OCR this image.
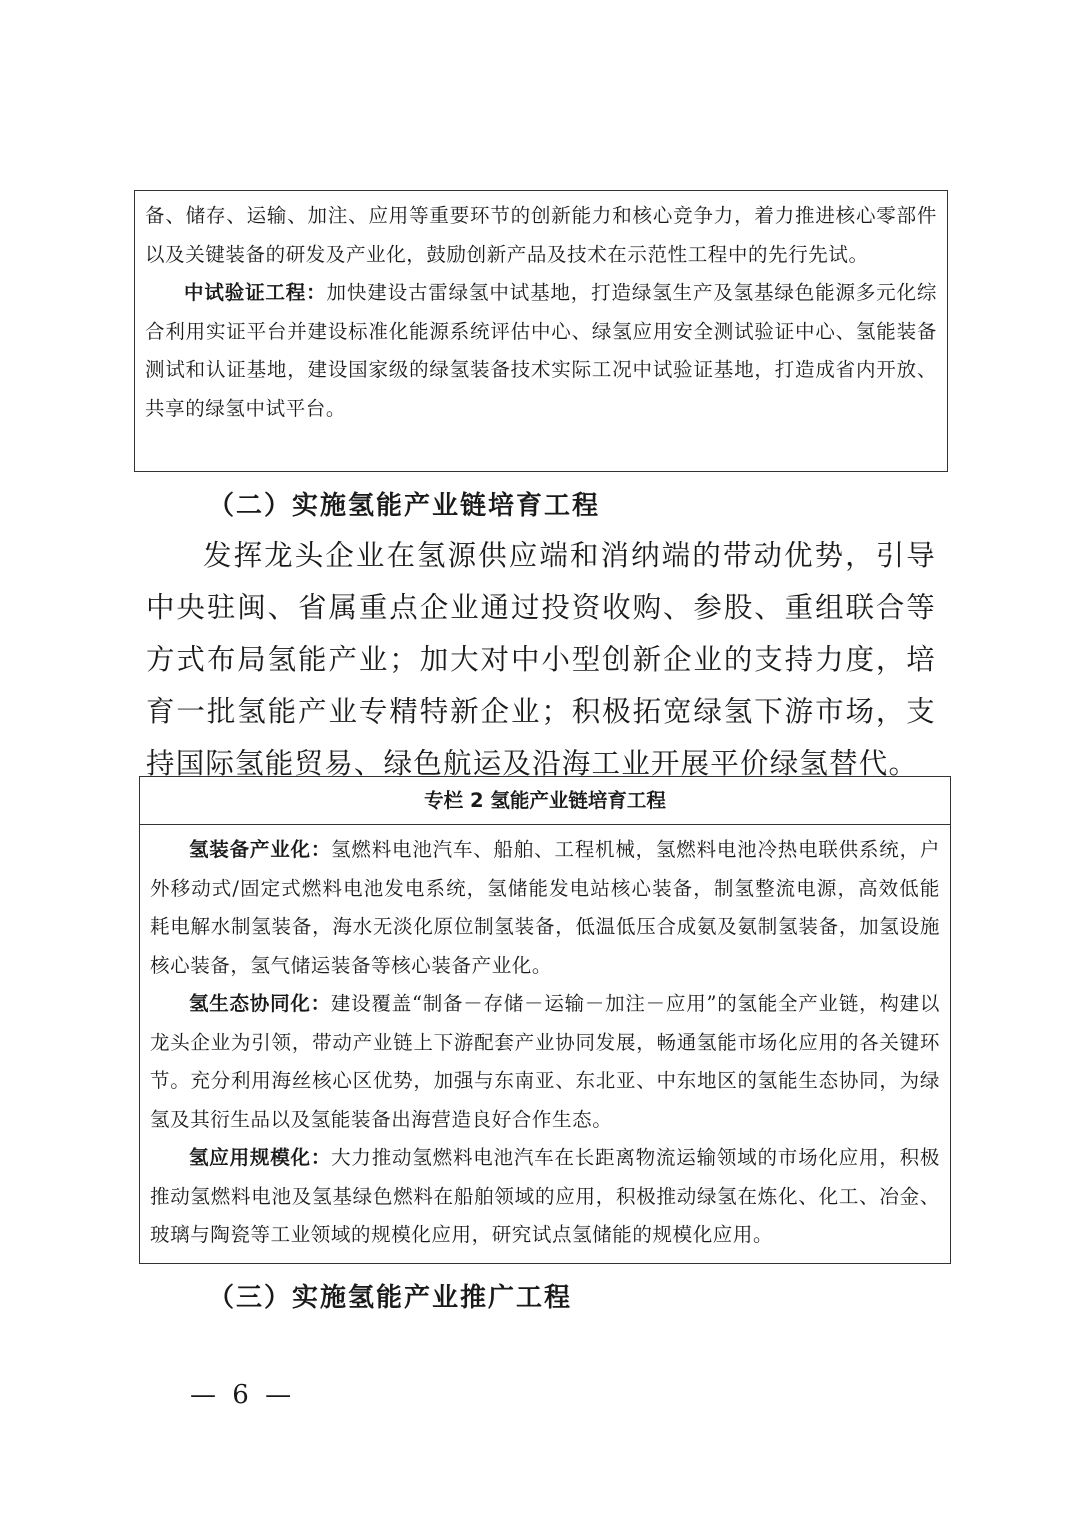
备、储存、运输、加注、应用等重要环节的创新能力和核心竞争力，着力推进核心零部件以及关键装备的研发及产业化，鼓励创新产品及技术在示范性工程中的先行先试。

中试验证工程：加快建设古雷绿氢中试基地，打造绿氢生产及氢基绿色能源多元化综合利用实证平台并建设标准化能源系统评估中心、绿氢应用安全测试验证中心、氢能装备测试和认证基地，建设国家级的绿氢装备技术实际工况中试验证基地，打造成省内开放、共享的绿氢中试平台。

（二）实施氢能产业链培育工程

发挥龙头企业在氢源供应端和消纳端的带动优势，引导中央驻闽、省属重点企业通过投资收购、参股、重组联合等方式布局氢能产业；加大对中小型创新企业的支持力度，培育一批氢能产业专精特新企业；积极拓宽绿氢下游市场，支持国际氢能贸易、绿色航运及沿海工业开展平价绿氢替代。

专栏 2 氢能产业链培育工程

氢装备产业化：氢燃料电池汽车、船舶、工程机械，氢燃料电池冷热电联供系统，户外移动式/固定式燃料电池发电系统，氢储能发电站核心装备，制氢整流电源，高效低能耗电解水制氢装备，海水无淡化原位制氢装备，低温低压合成氨及氨制氢装备，加氢设施核心装备，氢气储运装备等核心装备产业化。

氢生态协同化：建设覆盖“制备－存储－运输－加注－应用”的氢能全产业链，构建以龙头企业为引领，带动产业链上下游配套产业协同发展，畅通氢能市场化应用的各关键环节。充分利用海丝核心区优势，加强与东南亚、东北亚、中东地区的氢能生态协同，为绿氢及其衍生品以及氢能装备出海营造良好合作生态。

氢应用规模化：大力推动氢燃料电池汽车在长距离物流运输领域的市场化应用，积极推动氢燃料电池及氢基绿色燃料在船舶领域的应用，积极推动绿氢在炼化、化工、冶金、玻璃与陶瓷等工业领域的规模化应用，研究试点氢储能的规模化应用。

（三）实施氢能产业推广工程
— 6 —
